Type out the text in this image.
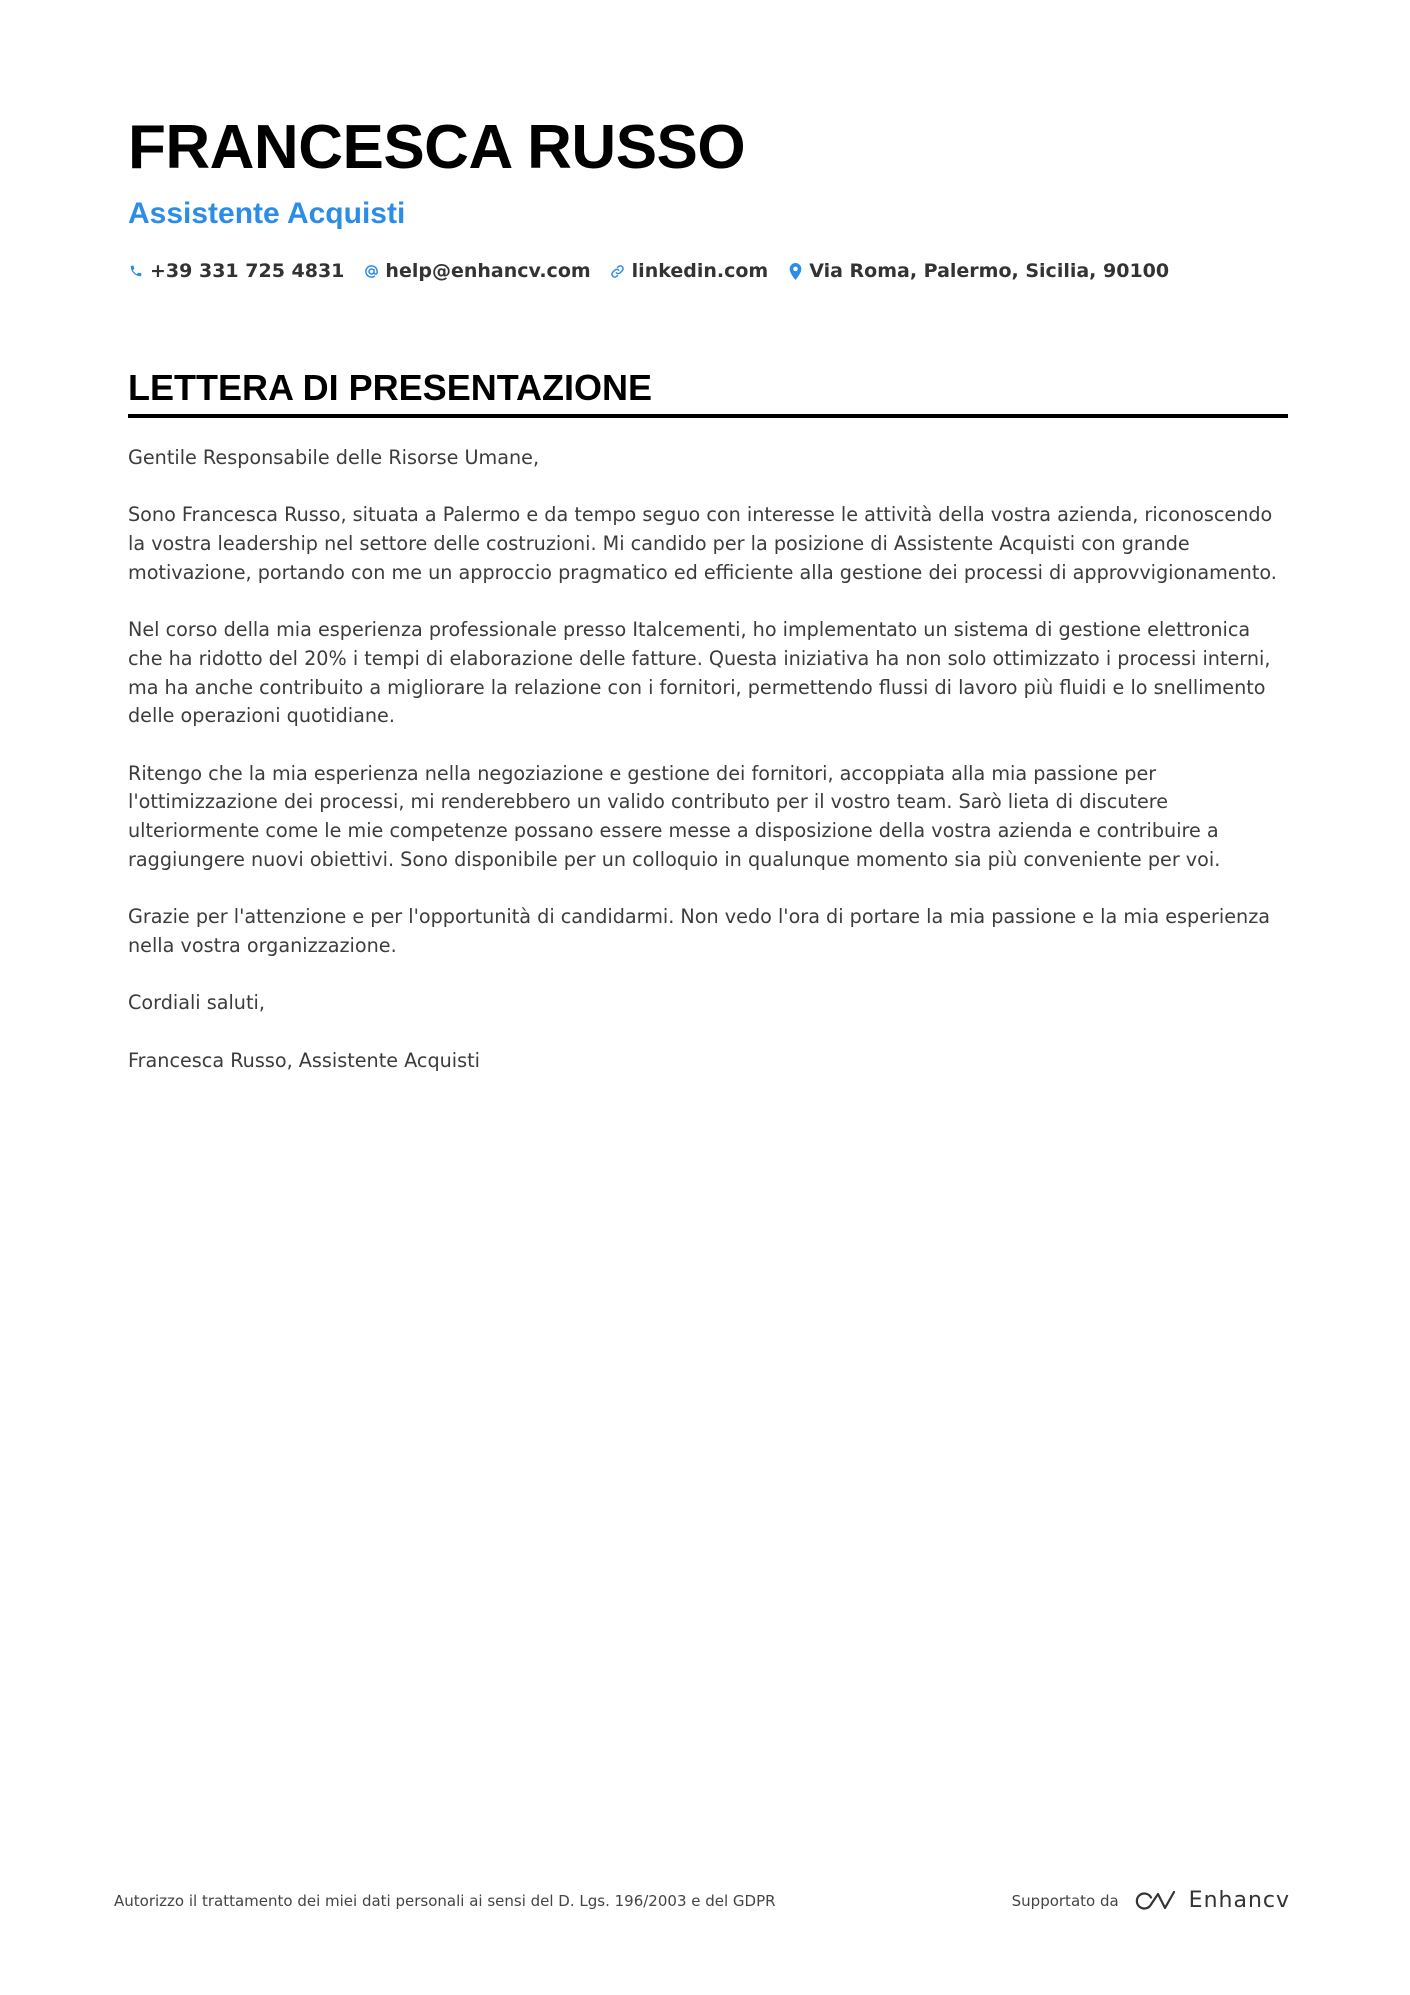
FRANCESCA RUSSO
Assistente Acquisti
+39 331 725 4831 help@enhancv.com linkedin.com Via Roma, Palermo, Sicilia, 90100
LETTERA DI PRESENTAZIONE

Gentile Responsabile delle Risorse Umane,

Sono Francesca Russo, situata a Palermo e da tempo seguo con interesse le attività della vostra azienda, riconoscendo la vostra leadership nel settore delle costruzioni. Mi candido per la posizione di Assistente Acquisti con grande motivazione, portando con me un approccio pragmatico ed efficiente alla gestione dei processi di approvvigionamento.

Nel corso della mia esperienza professionale presso Italcementi, ho implementato un sistema di gestione elettronica che ha ridotto del 20% i tempi di elaborazione delle fatture. Questa iniziativa ha non solo ottimizzato i processi interni, ma ha anche contribuito a migliorare la relazione con i fornitori, permettendo flussi di lavoro più fluidi e lo snellimento delle operazioni quotidiane.

Ritengo che la mia esperienza nella negoziazione e gestione dei fornitori, accoppiata alla mia passione per l'ottimizzazione dei processi, mi renderebbero un valido contributo per il vostro team. Sarò lieta di discutere ulteriormente come le mie competenze possano essere messe a disposizione della vostra azienda e contribuire a raggiungere nuovi obiettivi. Sono disponibile per un colloquio in qualunque momento sia più conveniente per voi.

Grazie per l'attenzione e per l'opportunità di candidarmi. Non vedo l'ora di portare la mia passione e la mia esperienza nella vostra organizzazione.

Cordiali saluti,

Francesca Russo, Assistente Acquisti

Autorizzo il trattamento dei miei dati personali ai sensi del D. Lgs. 196/2003 e del GDPR	Supportato da	Enhancv
